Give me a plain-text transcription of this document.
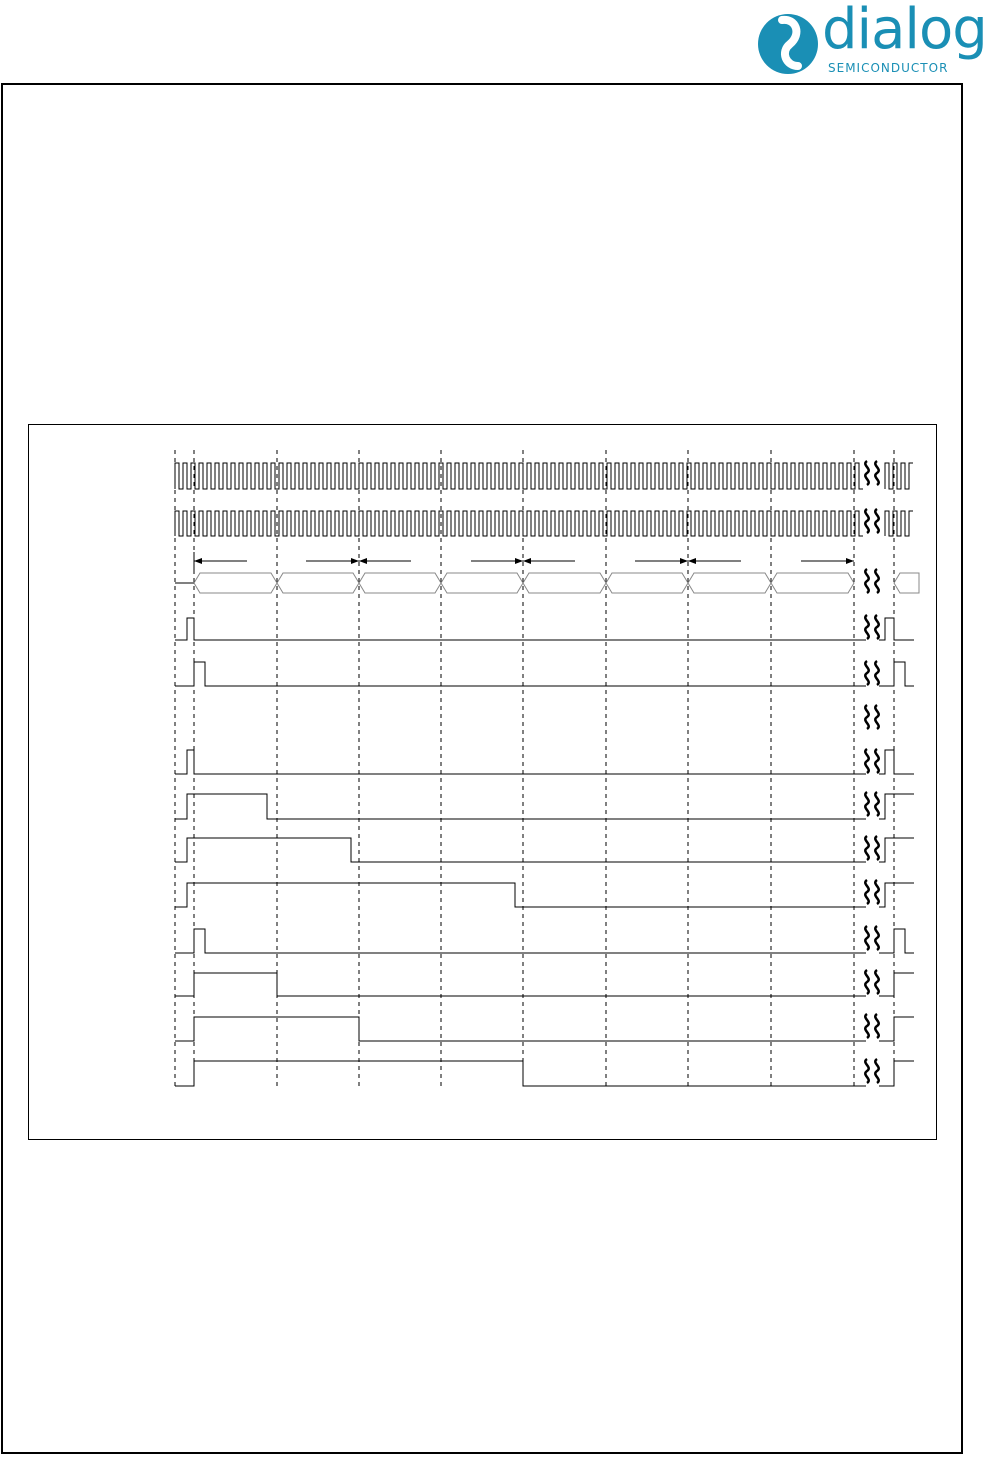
dialog
SEMICONDUCTOR
